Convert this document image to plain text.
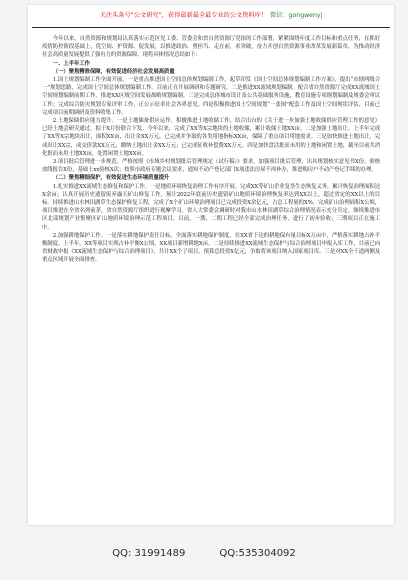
关注头条号“公文研究”，获得最新最全最专业的公文资料库！ 微信：gongwenyj

今年以来，自然资源和规划局认真落实示范区党工委、管委会和省自然资源厅党组的工作部署，紧紧围绕年度工作目标和重点任务，在抓好疫情防控阶段基础上，优空间、护资源、促发展，以推进政治、勇担当、走在前，求突破，奋力开创自然资源事业改革发展新篇章，为推动经济社会高质量发展提供了强有力的资源保障。现将具体情况总结如下：

一、上半年工作

（一）聚焦精准保障，有效促进经济社会发展高质量

1.国土规划编制工作全面开展。一是重点推进国土空间总体规划编制工作，起草印发《国土空间总体规划编制工作方案》，提出“市辖两级合一”规划思路，完成国土空间总体规划编制工作。目前正在开展调研和专题研究。二是推进XX流域规划编制。配合省自然资源厅完成XX流域国土空间规划编制前期工作，推进XX区域空间发展战略规划编制。三是完成总体城市设计及公共基础服务设施、教育设施专项规划编制及规委会审议工作；完成综合防灾规划专家评审工作，正公示征求社会各界意见。四是积极推进国土空间规划“一张图”配套工作及国土空间现状评估，目前已完成项目前期调研及资料收集工作。

2.土地保储供应能力提升。一是土地储备供应运作。积极推进土地收储工作，结合出台的《关于进一步加强土地收储供应管理工作的意见》已经土地会研究通过，拟于X月份联合下发。今年以来，完成了XX等X宗地块的土地收储，累计收储土地XX亩。二是加强土地出让。上半年完成了XX等X宗地块出让，面积XX亩，出让金XX万元。已完成并争取的各类用地指标XX亩，保障了重点项目用地需求。三是加快推进土地出让，完成出让XX宗，成交价款XX万元；缴纳土地出让金XX万元；已完成征收补偿费XX万元。四是加快盘活批而未用的土地和闲置土地，截至目前共消化批而未用土地XX亩，处置闲置土地XX亩。

3.项目批后管理进一步规范。严格按照《市域乡村规划批后管理规定（试行稿）》要求，加强项目批后管理，出具规划核实意见书X份、验核放线报告X份，基础土xx验核X次；按照市政府专题会议要求，通知不动产登记部门X项违法房屋不再补办，推进购房户不动产登记手续的办理。

（二）聚焦精细保护，有效促进生态环境质量提升

1.扎实推进XX流域生态修复和保护工作。一是地质环境恢复治理工作有序开展。完成XX等矿山企业复垦生态恢复义务，累计恢复治理面积达X余亩；认真开展历史遗留废弃露天矿山修复工作，预计2022年底前历史遗留矿山地质环境治理恢复率达到XX以上，超过省定的XX以上的目标。持续推进山水林田湖草生态保护修复工程，完成了X个矿山环境治理项目已完成投资X余亿元，占总工程量的X%。完成矿山治理面积X公顷，项目推进在全省名列前茅，省自然资源厅组织进行观摩学习。省人大常委会调研时对我市山水林田湖草综合治理情况表示充分肯定。继续推进市区北部规划产业集聚区矿山地质环境治理示范工程项目，目前，一期、二期工程已经全部完成治理任务，进行了初步验收；三期项目正在施工中。

2.加强耕地保护工作。一是落实耕地保护责任目标，全面落实耕地保护制度，在XX省下达的耕地保有量目标X万亩中，严格落实耕地占补平衡制度。上半年，XX等项目实现占补平衡X公顷，XX项目新增耕地X亩。二是持续推进XX流域生态保护与综合治理项目申报入库工作，目前已向省财政申报《XX流域生态保护与综合治理项目》，共计XX个子项目，预算总投资X亿元，争取将该项目纳入国家项目库。三是对XX全干道两侧及重点区域开展全面排查。

QQ: 31991489	QQ:535304092
